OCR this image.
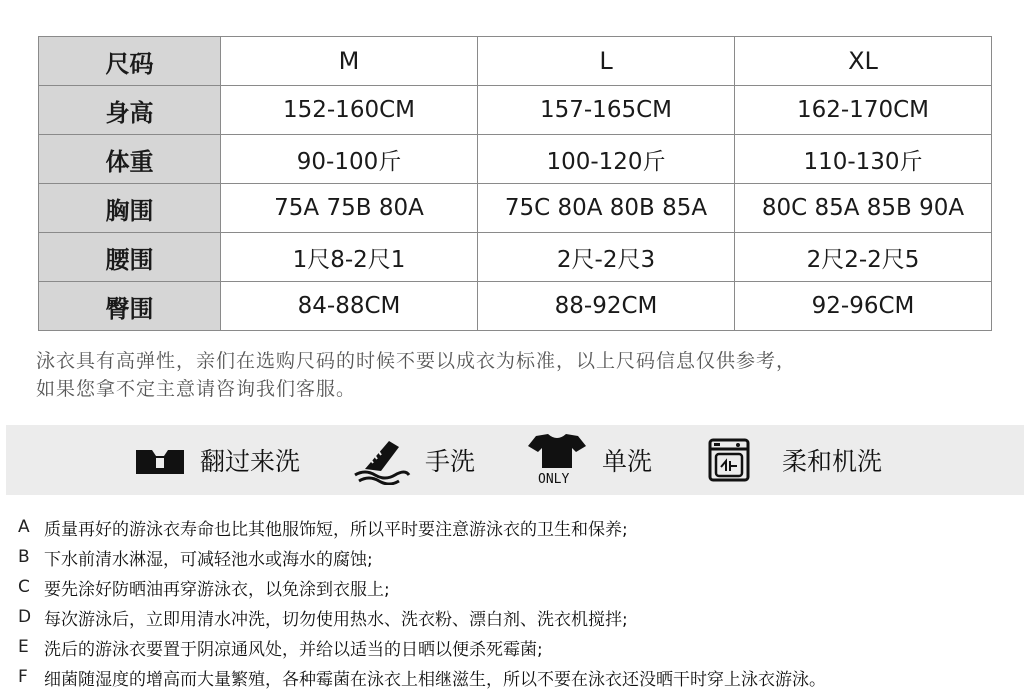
尺码	M	L	XL
身高	152-160CM	157-165CM	162-170CM
体重	90-100斤	100-120斤	110-130斤
胸围	75A 75B 80A	75C 80A 80B 85A	80C 85A 85B 90A
腰围	1尺8-2尺1	2尺-2尺3	2尺2-2尺5
臀围	84-88CM	88-92CM	92-96CM
泳衣具有高弹性，亲们在选购尺码的时候不要以成衣为标准，以上尺码信息仅供参考，
如果您拿不定主意请咨询我们客服。
翻过来洗	手洗
ONLY
单洗	柔和机洗
A 质量再好的游泳衣寿命也比其他服饰短，所以平时要注意游泳衣的卫生和保养;
B 下水前清水淋湿，可减轻池水或海水的腐蚀;
C 要先涂好防晒油再穿游泳衣，以免涂到衣服上;
D 每次游泳后，立即用清水冲洗，切勿使用热水、洗衣粉、漂白剂、洗衣机搅拌;
E 洗后的游泳衣要置于阴凉通风处，并给以适当的日晒以便杀死霉菌;
F 细菌随湿度的增高而大量繁殖，各种霉菌在泳衣上相继滋生，所以不要在泳衣还没晒干时穿上泳衣游泳。
